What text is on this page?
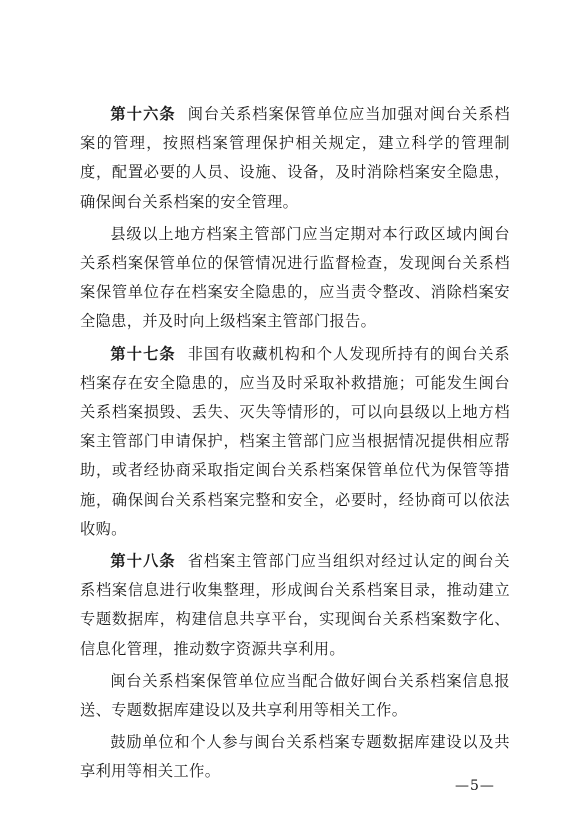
第十六条 闽台关系档案保管单位应当加强对闽台关系档案的管理，按照档案管理保护相关规定，建立科学的管理制度，配置必要的人员、设施、设备，及时消除档案安全隐患，确保闽台关系档案的安全管理。

县级以上地方档案主管部门应当定期对本行政区域内闽台关系档案保管单位的保管情况进行监督检查，发现闽台关系档案保管单位存在档案安全隐患的，应当责令整改、消除档案安全隐患，并及时向上级档案主管部门报告。

第十七条 非国有收藏机构和个人发现所持有的闽台关系档案存在安全隐患的，应当及时采取补救措施；可能发生闽台关系档案损毁、丢失、灭失等情形的，可以向县级以上地方档案主管部门申请保护，档案主管部门应当根据情况提供相应帮助，或者经协商采取指定闽台关系档案保管单位代为保管等措施，确保闽台关系档案完整和安全，必要时，经协商可以依法收购。

第十八条 省档案主管部门应当组织对经过认定的闽台关系档案信息进行收集整理，形成闽台关系档案目录，推动建立专题数据库，构建信息共享平台，实现闽台关系档案数字化、信息化管理，推动数字资源共享利用。

闽台关系档案保管单位应当配合做好闽台关系档案信息报送、专题数据库建设以及共享利用等相关工作。

鼓励单位和个人参与闽台关系档案专题数据库建设以及共享利用等相关工作。

—5—
